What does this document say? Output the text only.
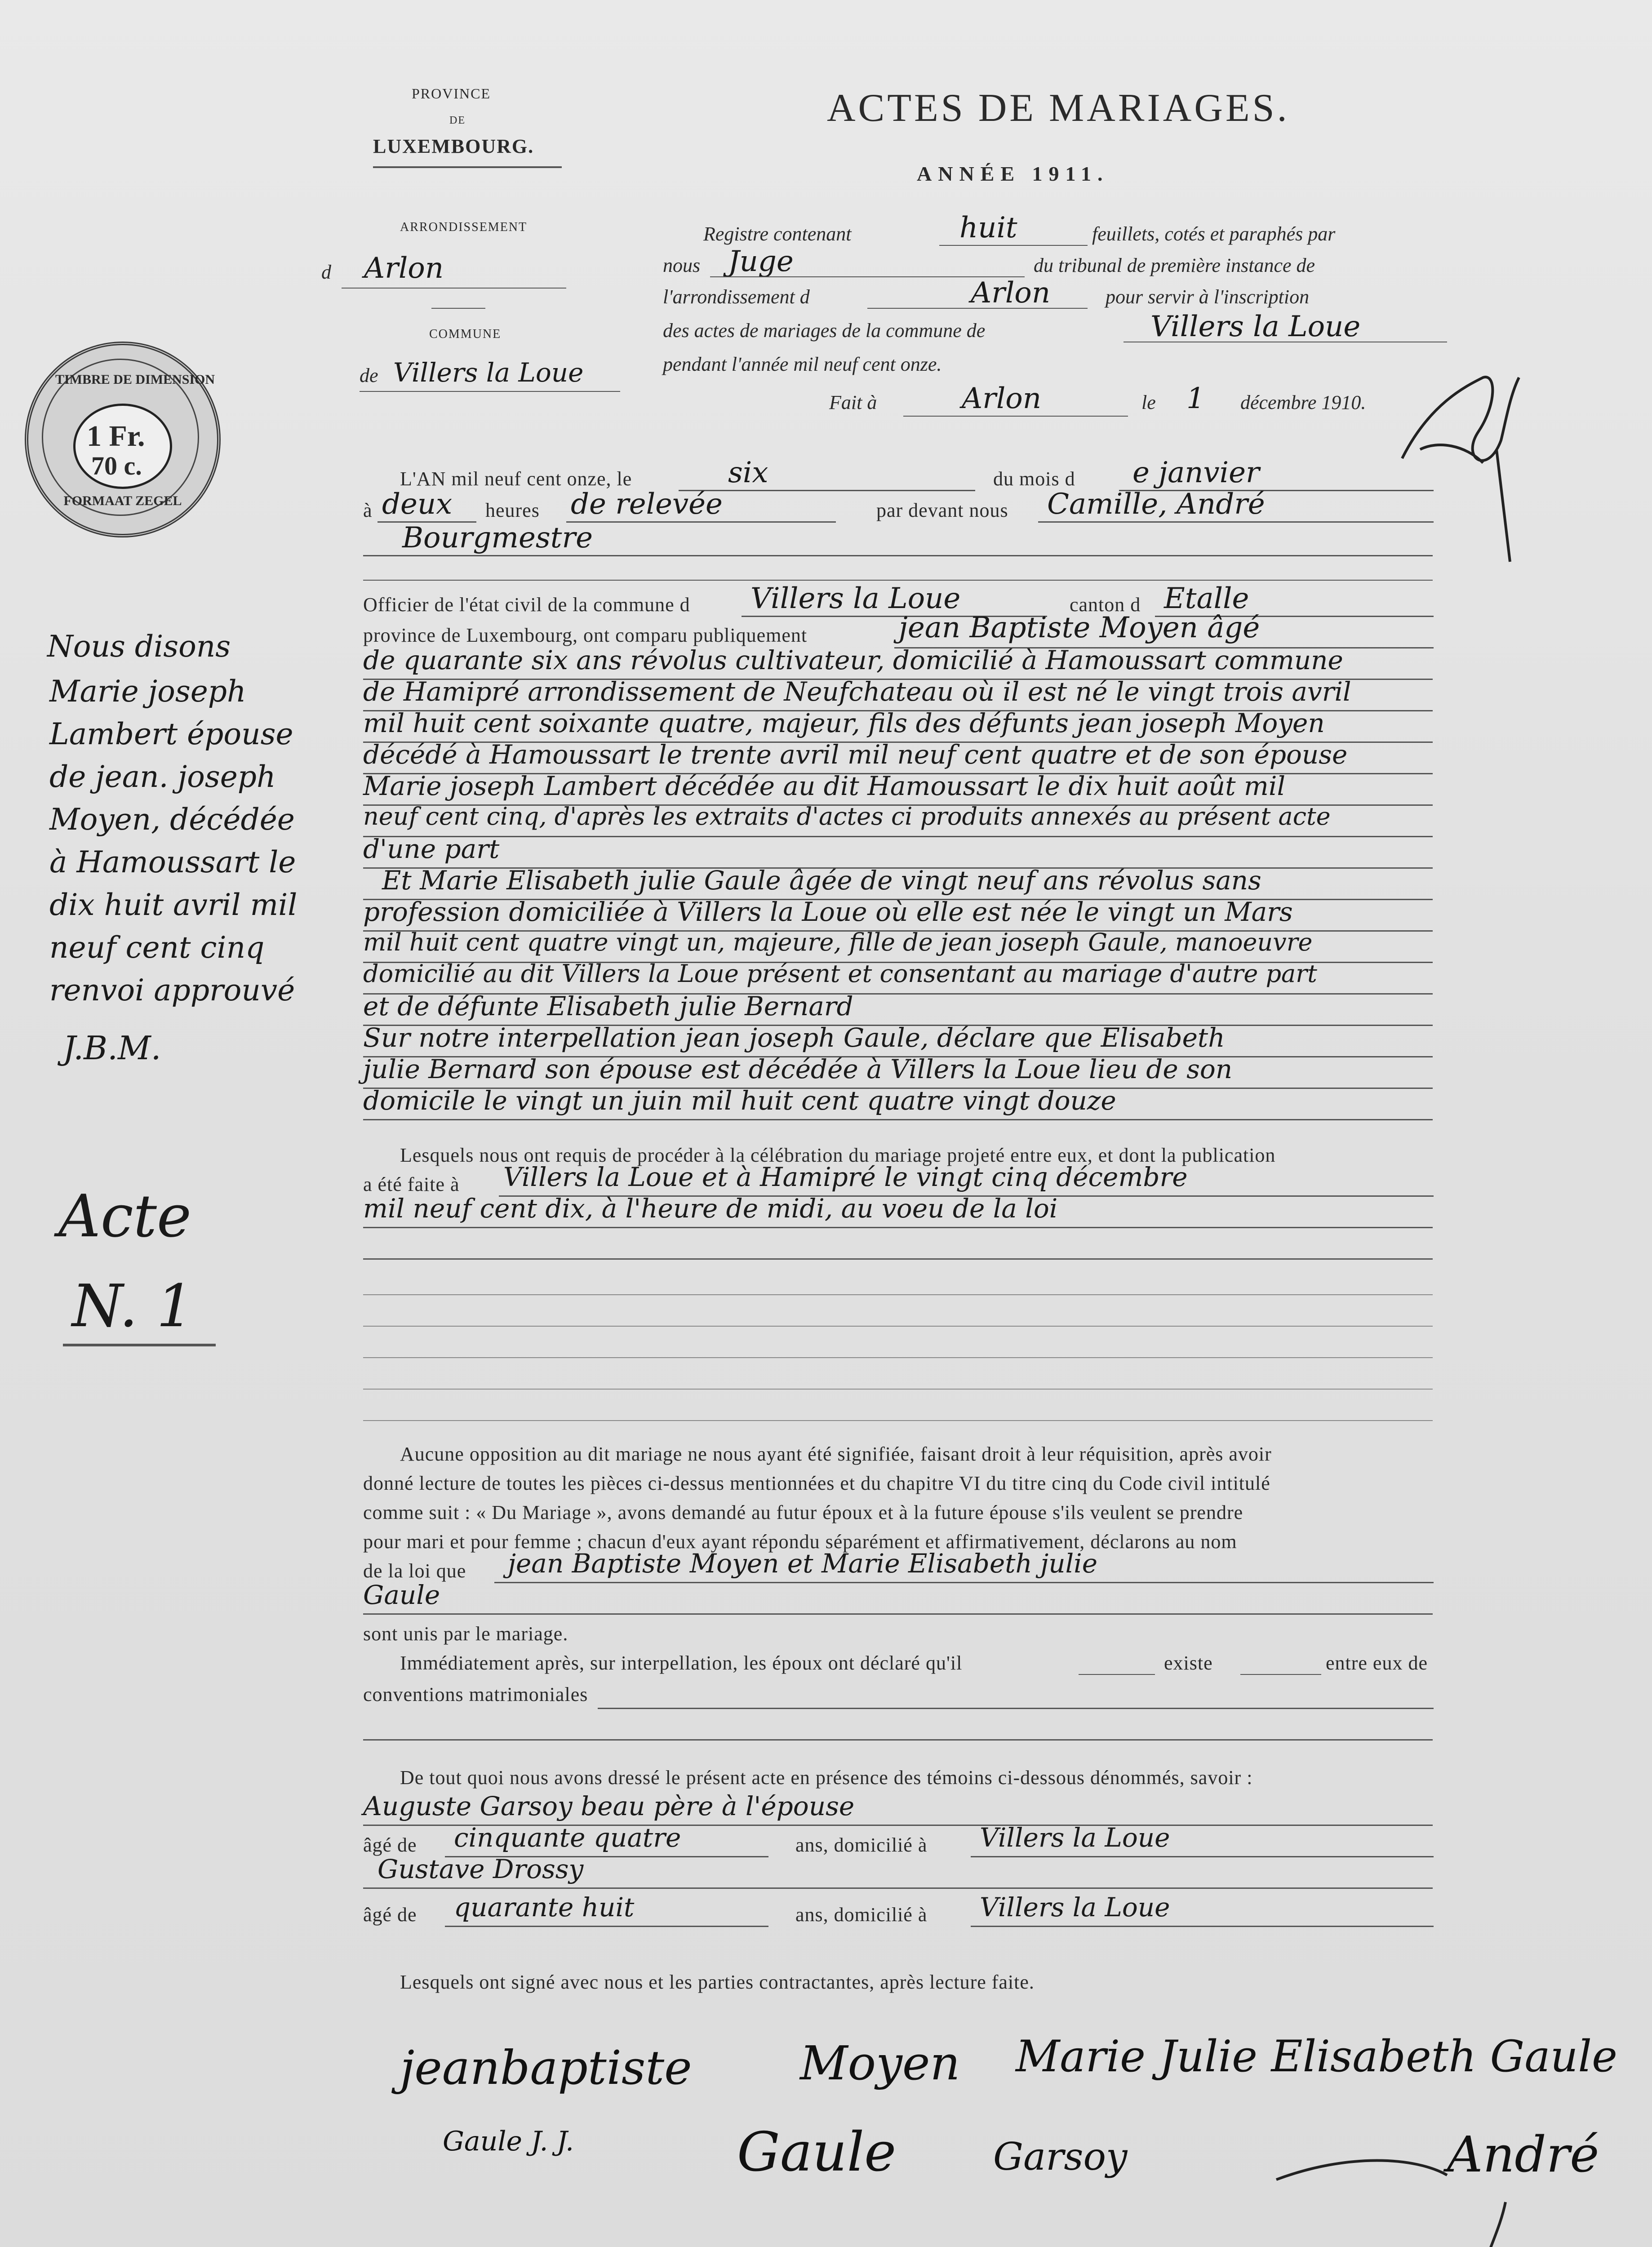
PROVINCE
DE
LUXEMBOURG.
ARRONDISSEMENT
d Arlon
COMMUNE
de Villers la Loue
TIMBRE DE DIMENSION
1 Fr.
70 c.
FORMAAT ZEGEL
ACTES DE MARIAGES.
ANNÉE 1911.
Registre contenant	huit	feuillets, cotés et paraphés par
nous Juge	du tribunal de première instance de
l'arrondissement d	Arlon	pour servir à l'inscription
des actes de mariages de la commune de	Villers la Loue
pendant l'année mil neuf cent onze.
Fait à	Arlon	le 1 décembre 1910.
L'AN mil neuf cent onze, le	six	du mois d e janvier
à deux heures de relevée	par devant nous Camille, André
Bourgmestre
Officier de l'état civil de la commune d Villers la Loue	canton d Etalle
province de Luxembourg, ont comparu publiquement	jean Baptiste Moyen âgé
de quarante six ans révolus cultivateur, domicilié à Hamoussart commune
de Hamipré arrondissement de Neufchateau où il est né le vingt trois avril
mil huit cent soixante quatre, majeur, fils des défunts jean joseph Moyen
décédé à Hamoussart le trente avril mil neuf cent quatre et de son épouse
Marie joseph Lambert décédée au dit Hamoussart le dix huit août mil
neuf cent cinq, d'après les extraits d'actes ci produits annexés au présent acte
d'une part
Et Marie Elisabeth julie Gaule âgée de vingt neuf ans révolus sans
profession domiciliée à Villers la Loue où elle est née le vingt un Mars
mil huit cent quatre vingt un, majeure, fille de jean joseph Gaule, manoeuvre
domicilié au dit Villers la Loue présent et consentant au mariage d'autre part
et de défunte Elisabeth julie Bernard
Sur notre interpellation jean joseph Gaule, déclare que Elisabeth
julie Bernard son épouse est décédée à Villers la Loue lieu de son
domicile le vingt un juin mil huit cent quatre vingt douze
Lesquels nous ont requis de procéder à la célébration du mariage projeté entre eux, et dont la publication
a été faite à Villers la Loue et à Hamipré le vingt cinq décembre
mil neuf cent dix, à l'heure de midi, au voeu de la loi
Aucune opposition au dit mariage ne nous ayant été signifiée, faisant droit à leur réquisition, après avoir
donné lecture de toutes les pièces ci-dessus mentionnées et du chapitre VI du titre cinq du Code civil intitulé
comme suit : « Du Mariage », avons demandé au futur époux et à la future épouse s'ils veulent se prendre
pour mari et pour femme ; chacun d'eux ayant répondu séparément et affirmativement, déclarons au nom
de la loi que jean Baptiste Moyen et Marie Elisabeth julie
Gaule
sont unis par le mariage.
Immédiatement après, sur interpellation, les époux ont déclaré qu'il	existe	entre eux de
conventions matrimoniales
De tout quoi nous avons dressé le présent acte en présence des témoins ci-dessous dénommés, savoir :
Auguste Garsoy beau père à l'épouse
âgé de cinquante quatre	ans, domicilié à Villers la Loue
Gustave Drossy
âgé de quarante huit	ans, domicilié à Villers la Loue
Lesquels ont signé avec nous et les parties contractantes, après lecture faite.
jeanbaptiste Moyen Marie Julie Elisabeth Gaule
Gaule J. J.	Gaule	Garsoy	André
Nous disons
Marie joseph
Lambert épouse
de jean. joseph
Moyen, décédée
à Hamoussart le
dix huit avril mil
neuf cent cinq
renvoi approuvé
J.B.M.
Acte
N. 1
